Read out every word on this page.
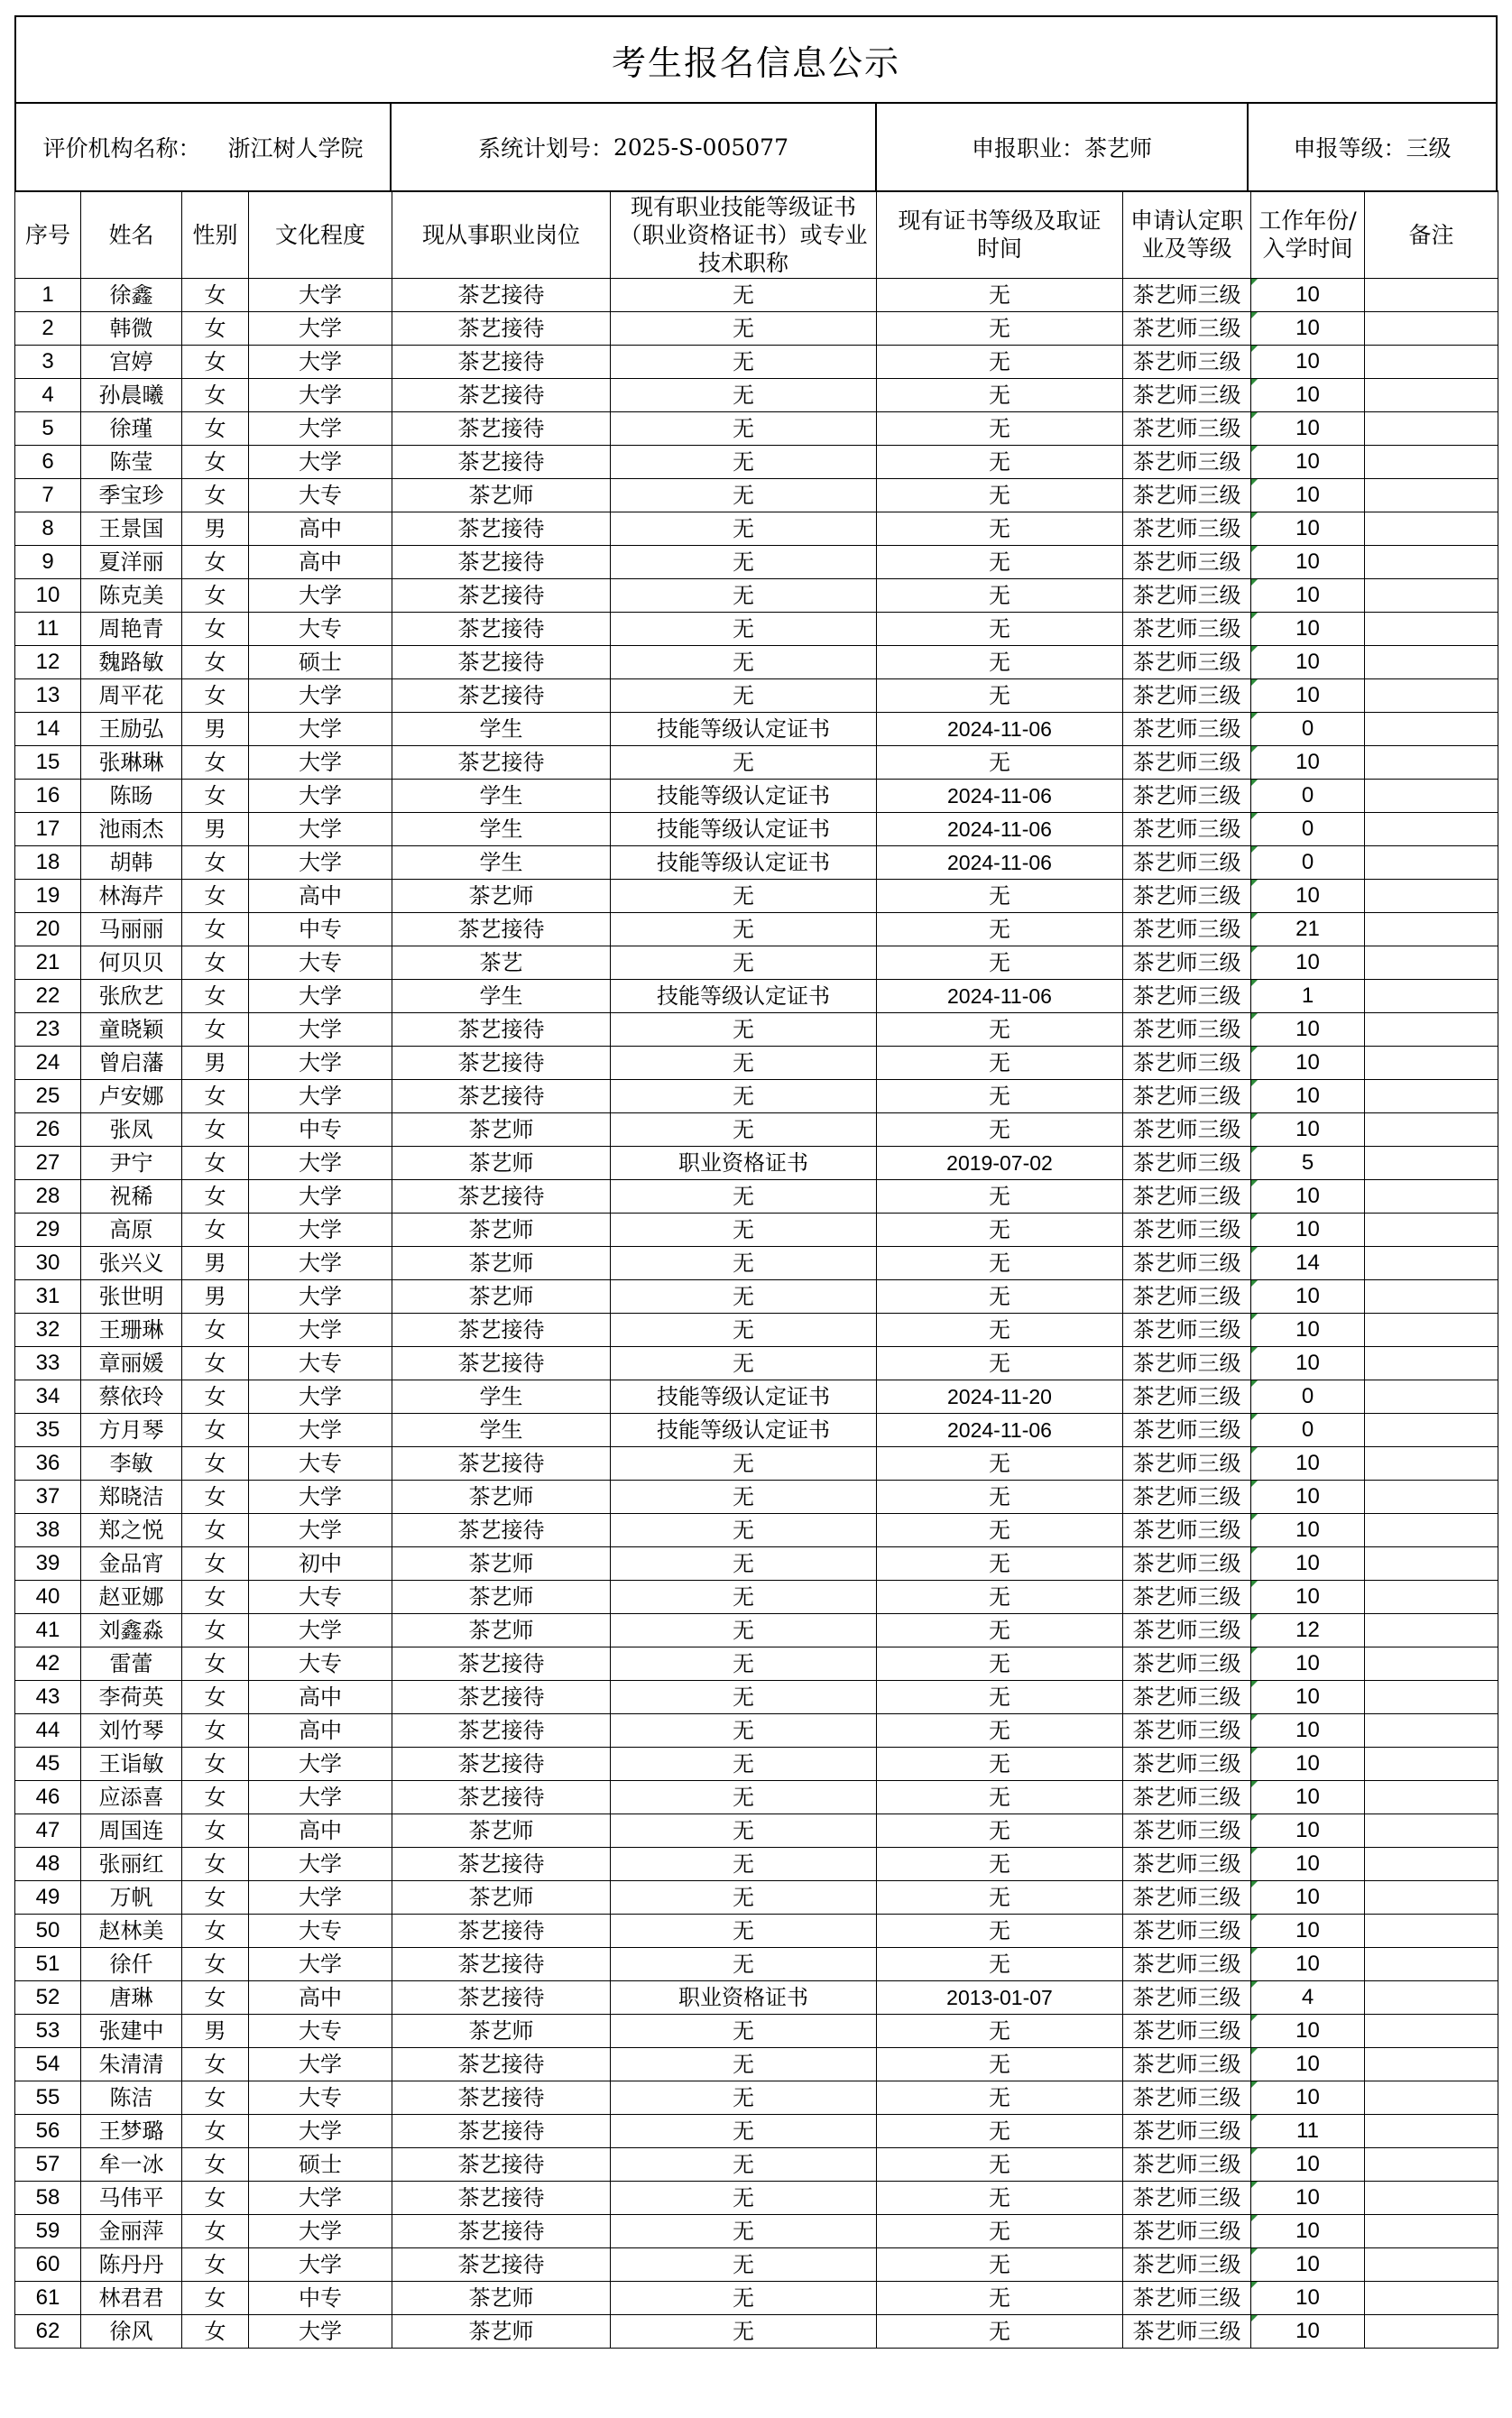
考生报名信息公示
评价机构名称： 浙江树人学院	系统计划号： 2025-S-005077	申报职业： 茶艺师	申报等级： 三级
序号	姓名	性别	文化程度	现从事职业岗位	现有职业技能等级证书（职业资格证书）或专业技术职称	现有证书等级及取证时间	申请认定职业及等级	工作年份/入学时间	备注
1	徐鑫	女	大学	茶艺接待	无	无	茶艺师三级	10	
2	韩微	女	大学	茶艺接待	无	无	茶艺师三级	10	
3	宫婷	女	大学	茶艺接待	无	无	茶艺师三级	10	
4	孙晨曦	女	大学	茶艺接待	无	无	茶艺师三级	10	
5	徐瑾	女	大学	茶艺接待	无	无	茶艺师三级	10	
6	陈莹	女	大学	茶艺接待	无	无	茶艺师三级	10	
7	季宝珍	女	大专	茶艺师	无	无	茶艺师三级	10	
8	王景国	男	高中	茶艺接待	无	无	茶艺师三级	10	
9	夏洋丽	女	高中	茶艺接待	无	无	茶艺师三级	10	
10	陈克美	女	大学	茶艺接待	无	无	茶艺师三级	10	
11	周艳青	女	大专	茶艺接待	无	无	茶艺师三级	10	
12	魏路敏	女	硕士	茶艺接待	无	无	茶艺师三级	10	
13	周平花	女	大学	茶艺接待	无	无	茶艺师三级	10	
14	王励弘	男	大学	学生	技能等级认定证书	2024-11-06	茶艺师三级	0	
15	张琳琳	女	大学	茶艺接待	无	无	茶艺师三级	10	
16	陈旸	女	大学	学生	技能等级认定证书	2024-11-06	茶艺师三级	0	
17	池雨杰	男	大学	学生	技能等级认定证书	2024-11-06	茶艺师三级	0	
18	胡韩	女	大学	学生	技能等级认定证书	2024-11-06	茶艺师三级	0	
19	林海芹	女	高中	茶艺师	无	无	茶艺师三级	10	
20	马丽丽	女	中专	茶艺接待	无	无	茶艺师三级	21	
21	何贝贝	女	大专	茶艺	无	无	茶艺师三级	10	
22	张欣艺	女	大学	学生	技能等级认定证书	2024-11-06	茶艺师三级	1	
23	童晓颖	女	大学	茶艺接待	无	无	茶艺师三级	10	
24	曾启藩	男	大学	茶艺接待	无	无	茶艺师三级	10	
25	卢安娜	女	大学	茶艺接待	无	无	茶艺师三级	10	
26	张凤	女	中专	茶艺师	无	无	茶艺师三级	10	
27	尹宁	女	大学	茶艺师	职业资格证书	2019-07-02	茶艺师三级	5	
28	祝稀	女	大学	茶艺接待	无	无	茶艺师三级	10	
29	高原	女	大学	茶艺师	无	无	茶艺师三级	10	
30	张兴义	男	大学	茶艺师	无	无	茶艺师三级	14	
31	张世明	男	大学	茶艺师	无	无	茶艺师三级	10	
32	王珊琳	女	大学	茶艺接待	无	无	茶艺师三级	10	
33	章丽媛	女	大专	茶艺接待	无	无	茶艺师三级	10	
34	蔡依玲	女	大学	学生	技能等级认定证书	2024-11-20	茶艺师三级	0	
35	方月琴	女	大学	学生	技能等级认定证书	2024-11-06	茶艺师三级	0	
36	李敏	女	大专	茶艺接待	无	无	茶艺师三级	10	
37	郑晓洁	女	大学	茶艺师	无	无	茶艺师三级	10	
38	郑之悦	女	大学	茶艺接待	无	无	茶艺师三级	10	
39	金品宵	女	初中	茶艺师	无	无	茶艺师三级	10	
40	赵亚娜	女	大专	茶艺师	无	无	茶艺师三级	10	
41	刘鑫淼	女	大学	茶艺师	无	无	茶艺师三级	12	
42	雷蕾	女	大专	茶艺接待	无	无	茶艺师三级	10	
43	李荷英	女	高中	茶艺接待	无	无	茶艺师三级	10	
44	刘竹琴	女	高中	茶艺接待	无	无	茶艺师三级	10	
45	王诣敏	女	大学	茶艺接待	无	无	茶艺师三级	10	
46	应添喜	女	大学	茶艺接待	无	无	茶艺师三级	10	
47	周国连	女	高中	茶艺师	无	无	茶艺师三级	10	
48	张丽红	女	大学	茶艺接待	无	无	茶艺师三级	10	
49	万帆	女	大学	茶艺师	无	无	茶艺师三级	10	
50	赵林美	女	大专	茶艺接待	无	无	茶艺师三级	10	
51	徐仟	女	大学	茶艺接待	无	无	茶艺师三级	10	
52	唐琳	女	高中	茶艺接待	职业资格证书	2013-01-07	茶艺师三级	4	
53	张建中	男	大专	茶艺师	无	无	茶艺师三级	10	
54	朱清清	女	大学	茶艺接待	无	无	茶艺师三级	10	
55	陈洁	女	大专	茶艺接待	无	无	茶艺师三级	10	
56	王梦璐	女	大学	茶艺接待	无	无	茶艺师三级	11	
57	牟一冰	女	硕士	茶艺接待	无	无	茶艺师三级	10	
58	马伟平	女	大学	茶艺接待	无	无	茶艺师三级	10	
59	金丽萍	女	大学	茶艺接待	无	无	茶艺师三级	10	
60	陈丹丹	女	大学	茶艺接待	无	无	茶艺师三级	10	
61	林君君	女	中专	茶艺师	无	无	茶艺师三级	10	
62	徐风	女	大学	茶艺师	无	无	茶艺师三级	10	
